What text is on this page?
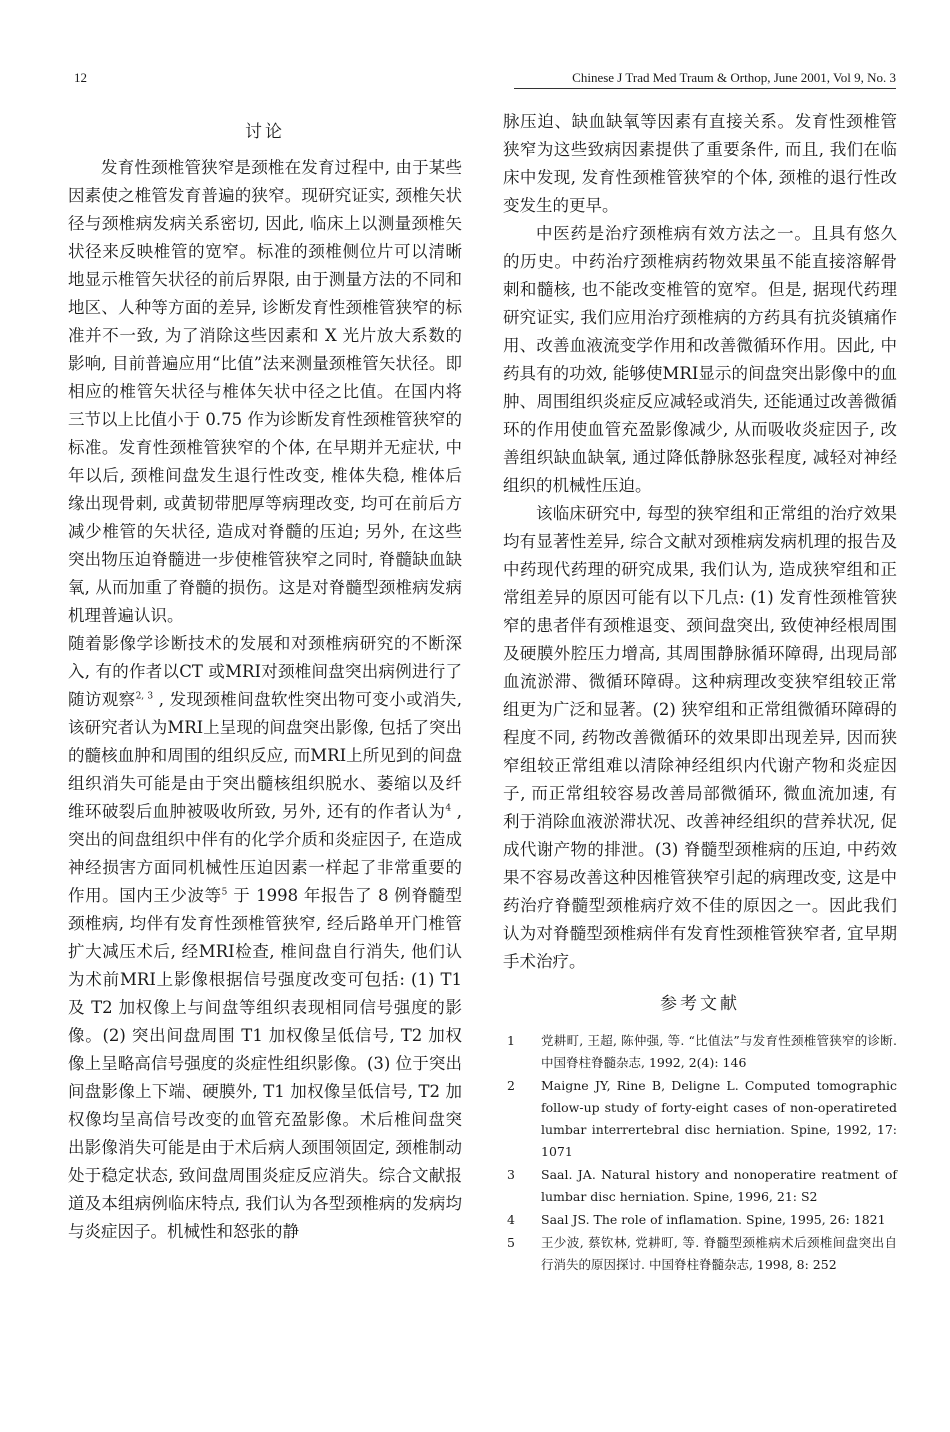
12	Chinese J Trad Med Traum & Orthop, June 2001, Vol 9, No. 3
讨论

发育性颈椎管狭窄是颈椎在发育过程中, 由于某些因素使之椎管发育普遍的狭窄。现研究证实, 颈椎矢状径与颈椎病发病关系密切, 因此, 临床上以测量颈椎矢状径来反映椎管的宽窄。标准的颈椎侧位片可以清晰地显示椎管矢状径的前后界限, 由于测量方法的不同和地区、人种等方面的差异, 诊断发育性颈椎管狭窄的标准并不一致, 为了消除这些因素和 X 光片放大系数的影响, 目前普遍应用“比值”法来测量颈椎管矢状径。即相应的椎管矢状径与椎体矢状中径之比值。在国内将三节以上比值小于 0.75 作为诊断发育性颈椎管狭窄的标准。发育性颈椎管狭窄的个体, 在早期并无症状, 中年以后, 颈椎间盘发生退行性改变, 椎体失稳, 椎体后缘出现骨刺, 或黄韧带肥厚等病理改变, 均可在前后方减少椎管的矢状径, 造成对脊髓的压迫; 另外, 在这些突出物压迫脊髓进一步使椎管狭窄之同时, 脊髓缺血缺氧, 从而加重了脊髓的损伤。这是对脊髓型颈椎病发病机理普遍认识。

随着影像学诊断技术的发展和对颈椎病研究的不断深入, 有的作者以CT 或MRI对颈椎间盘突出病例进行了随访观察$^{2, 3}$ , 发现颈椎间盘软性突出物可变小或消失, 该研究者认为MRI上呈现的间盘突出影像, 包括了突出的髓核血肿和周围的组织反应, 而MRI上所见到的间盘组织消失可能是由于突出髓核组织脱水、萎缩以及纤维环破裂后血肿被吸收所致, 另外, 还有的作者认为$^4$ , 突出的间盘组织中伴有的化学介质和炎症因子, 在造成神经损害方面同机械性压迫因素一样起了非常重要的作用。国内王少波等$^5$ 于 1998 年报告了 8 例脊髓型颈椎病, 均伴有发育性颈椎管狭窄, 经后路单开门椎管扩大减压术后, 经MRI检查, 椎间盘自行消失, 他们认为术前MRI上影像根据信号强度改变可包括: (1) T1 及 T2 加权像上与间盘等组织表现相同信号强度的影像。(2) 突出间盘周围 T1 加权像呈低信号, T2 加权像上呈略高信号强度的炎症性组织影像。(3) 位于突出间盘影像上下端、硬膜外, T1 加权像呈低信号, T2 加权像均呈高信号改变的血管充盈影像。术后椎间盘突出影像消失可能是由于术后病人颈围领固定, 颈椎制动处于稳定状态, 致间盘周围炎症反应消失。综合文献报道及本组病例临床特点, 我们认为各型颈椎病的发病均与炎症因子。机械性和怒张的静

脉压迫、缺血缺氧等因素有直接关系。发育性颈椎管狭窄为这些致病因素提供了重要条件, 而且, 我们在临床中发现, 发育性颈椎管狭窄的个体, 颈椎的退行性改变发生的更早。

中医药是治疗颈椎病有效方法之一。且具有悠久的历史。中药治疗颈椎病药物效果虽不能直接溶解骨刺和髓核, 也不能改变椎管的宽窄。但是, 据现代药理研究证实, 我们应用治疗颈椎病的方药具有抗炎镇痛作用、改善血液流变学作用和改善微循环作用。因此, 中药具有的功效, 能够使MRI显示的间盘突出影像中的血肿、周围组织炎症反应减轻或消失, 还能通过改善微循环的作用使血管充盈影像减少, 从而吸收炎症因子, 改善组织缺血缺氧, 通过降低静脉怒张程度, 减轻对神经组织的机械性压迫。

该临床研究中, 每型的狭窄组和正常组的治疗效果均有显著性差异, 综合文献对颈椎病发病机理的报告及中药现代药理的研究成果, 我们认为, 造成狭窄组和正常组差异的原因可能有以下几点: (1) 发育性颈椎管狭窄的患者伴有颈椎退变、颈间盘突出, 致使神经根周围及硬膜外腔压力增高, 其周围静脉循环障碍, 出现局部血流淤滞、微循环障碍。这种病理改变狭窄组较正常组更为广泛和显著。(2) 狭窄组和正常组微循环障碍的程度不同, 药物改善微循环的效果即出现差异, 因而狭窄组较正常组难以清除神经组织内代谢产物和炎症因子, 而正常组较容易改善局部微循环, 微血流加速, 有利于消除血液淤滞状况、改善神经组织的营养状况, 促成代谢产物的排泄。(3) 脊髓型颈椎病的压迫, 中药效果不容易改善这种因椎管狭窄引起的病理改变, 这是中药治疗脊髓型颈椎病疗效不佳的原因之一。因此我们认为对脊髓型颈椎病伴有发育性颈椎管狭窄者, 宜早期手术治疗。

参考文献
1	党耕町, 王超, 陈仲强, 等. “比值法”与发育性颈椎管狭窄的诊断. 中国脊柱脊髓杂志, 1992, 2(4): 146
2	Maigne JY, Rine B, Deligne L. Computed tomographic follow-up study of forty-eight cases of non-operatireted lumbar interrertebral disc herniation. Spine, 1992, 17: 1071
3	Saal. JA. Natural history and nonoperatire reatment of lumbar disc herniation. Spine, 1996, 21: S2
4	Saal JS. The role of inflamation. Spine, 1995, 26: 1821
5	王少波, 蔡钦林, 党耕町, 等. 脊髓型颈椎病术后颈椎间盘突出自行消失的原因探讨. 中国脊柱脊髓杂志, 1998, 8: 252
